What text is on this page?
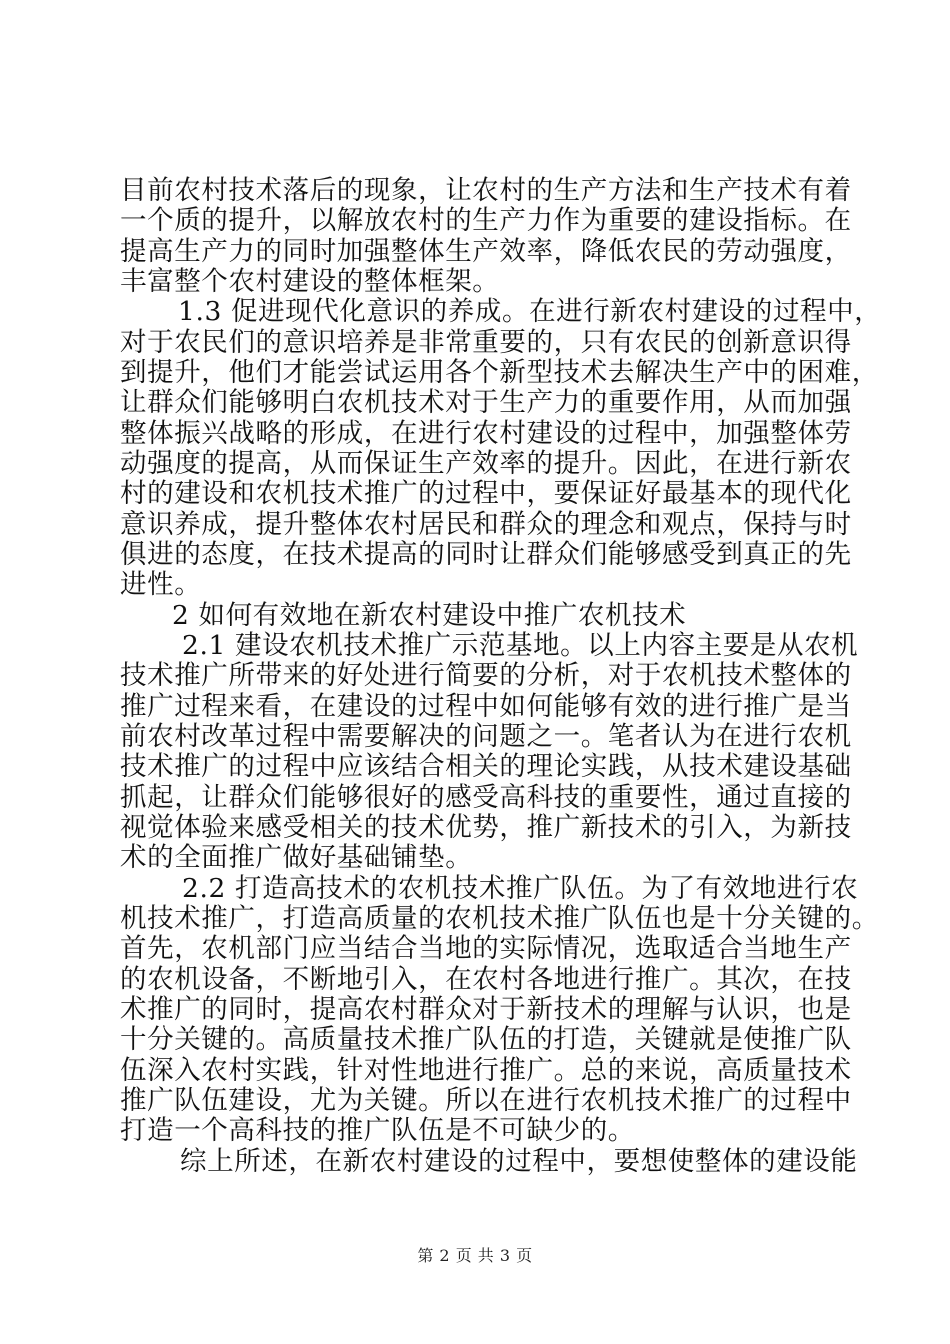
目前农村技术落后的现象，让农村的生产方法和生产技术有着
一个质的提升，以解放农村的生产力作为重要的建设指标。在
提高生产力的同时加强整体生产效率，降低农民的劳动强度，
丰富整个农村建设的整体框架。
1.3 促进现代化意识的养成。在进行新农村建设的过程中，
对于农民们的意识培养是非常重要的，只有农民的创新意识得
到提升，他们才能尝试运用各个新型技术去解决生产中的困难，
让群众们能够明白农机技术对于生产力的重要作用，从而加强
整体振兴战略的形成，在进行农村建设的过程中，加强整体劳
动强度的提高，从而保证生产效率的提升。因此，在进行新农
村的建设和农机技术推广的过程中，要保证好最基本的现代化
意识养成，提升整体农村居民和群众的理念和观点，保持与时
俱进的态度，在技术提高的同时让群众们能够感受到真正的先
进性。
2 如何有效地在新农村建设中推广农机技术
2.1 建设农机技术推广示范基地。以上内容主要是从农机
技术推广所带来的好处进行简要的分析，对于农机技术整体的
推广过程来看，在建设的过程中如何能够有效的进行推广是当
前农村改革过程中需要解决的问题之一。笔者认为在进行农机
技术推广的过程中应该结合相关的理论实践，从技术建设基础
抓起，让群众们能够很好的感受高科技的重要性，通过直接的
视觉体验来感受相关的技术优势，推广新技术的引入，为新技
术的全面推广做好基础铺垫。
2.2 打造高技术的农机技术推广队伍。为了有效地进行农
机技术推广，打造高质量的农机技术推广队伍也是十分关键的。
首先，农机部门应当结合当地的实际情况，选取适合当地生产
的农机设备，不断地引入，在农村各地进行推广。其次，在技
术推广的同时，提高农村群众对于新技术的理解与认识，也是
十分关键的。高质量技术推广队伍的打造，关键就是使推广队
伍深入农村实践，针对性地进行推广。总的来说，高质量技术
推广队伍建设，尤为关键。所以在进行农机技术推广的过程中
打造一个高科技的推广队伍是不可缺少的。
综上所述，在新农村建设的过程中，要想使整体的建设能
第 2 页 共 3 页
